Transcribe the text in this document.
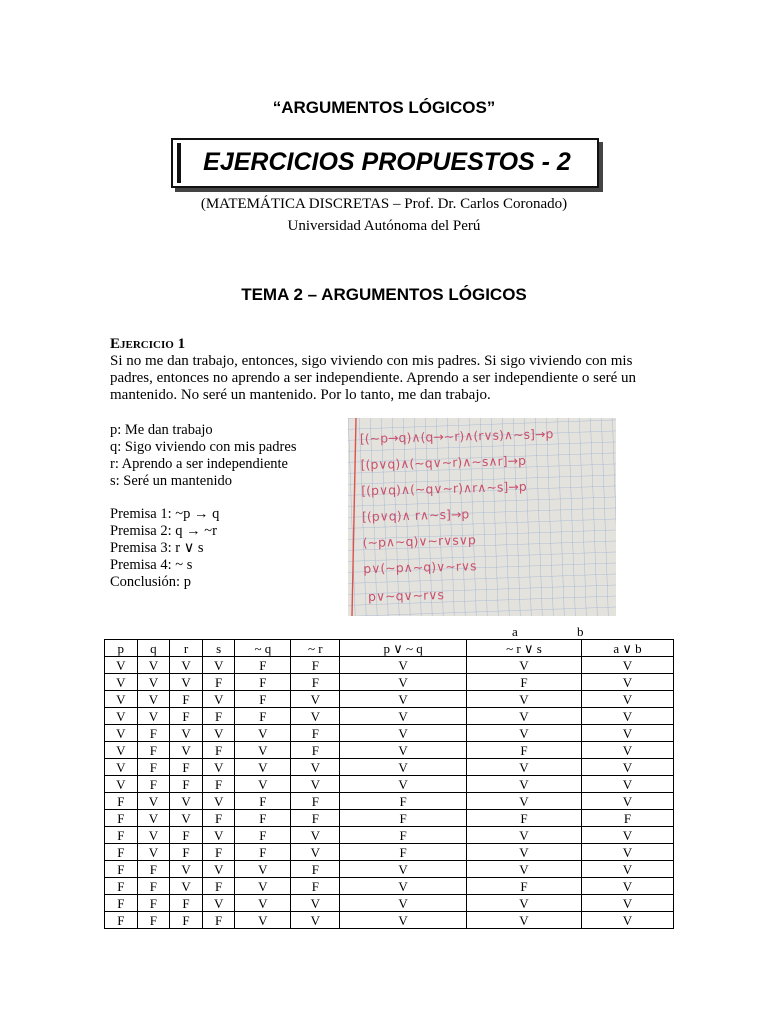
“ARGUMENTOS LÓGICOS”
EJERCICIOS PROPUESTOS - 2
(MATEMÁTICA DISCRETAS – Prof. Dr. Carlos Coronado)
Universidad Autónoma del Perú
TEMA 2 – ARGUMENTOS LÓGICOS
EJERCICIO 1
Si no me dan trabajo, entonces, sigo viviendo con mis padres. Si sigo viviendo con mis
padres, entonces no aprendo a ser independiente. Aprendo a ser independiente o seré un
mantenido. No seré un mantenido. Por lo tanto, me dan trabajo.
p: Me dan trabajo
q: Sigo viviendo con mis padres
r: Aprendo a ser independiente
s: Seré un mantenido
Premisa 1: ~p → q
Premisa 2: q → ~r
Premisa 3: r ∨ s
Premisa 4: ~ s
Conclusión: p
[(~p→q)∧(q→~r)∧(r∨s)∧~s]→p
[(p∨q)∧(~q∨~r)∧~s∧r]→p
[(p∨q)∧(~q∨~r)∧r∧~s]→p
[(p∨q)∧ r∧~s]→p
(~p∧~q)∨~r∨s∨p
p∨(~p∧~q)∨~r∨s
p∨~q∨~r∨s
a	b
p	q	r	s	~ q	~ r	p ∨ ~ q	~ r ∨ s	a ∨ b
V	V	V	V	F	F	V	V	V
V	V	V	F	F	F	V	F	V
V	V	F	V	F	V	V	V	V
V	V	F	F	F	V	V	V	V
V	F	V	V	V	F	V	V	V
V	F	V	F	V	F	V	F	V
V	F	F	V	V	V	V	V	V
V	F	F	F	V	V	V	V	V
F	V	V	V	F	F	F	V	V
F	V	V	F	F	F	F	F	F
F	V	F	V	F	V	F	V	V
F	V	F	F	F	V	F	V	V
F	F	V	V	V	F	V	V	V
F	F	V	F	V	F	V	F	V
F	F	F	V	V	V	V	V	V
F	F	F	F	V	V	V	V	V
